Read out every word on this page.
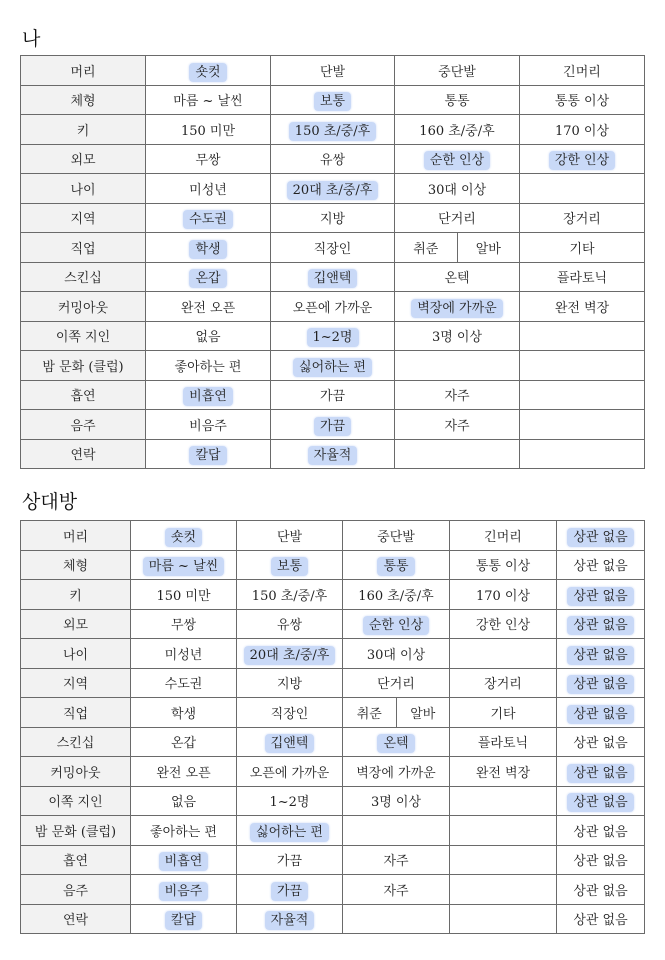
나
머리	숏컷	단발	중단발	긴머리
체형	마름 ~ 날씬	보통	통통	통통 이상
키	150 미만	150 초/중/후	160 초/중/후	170 이상
외모	무쌍	유쌍	순한 인상	강한 인상
나이	미성년	20대 초/중/후	30대 이상	
지역	수도권	지방	단거리	장거리
직업	학생	직장인	취준 알바	기타
스킨십	온갑	깁앤텍	온텍	플라토닉
커밍아웃	완전 오픈	오픈에 가까운	벽장에 가까운	완전 벽장
이쪽 지인	없음	1~2명	3명 이상	
밤 문화 (클럽)	좋아하는 편	싫어하는 편		
흡연	비흡연	가끔	자주	
음주	비음주	가끔	자주	
연락	칼답	자율적		
상대방
머리	숏컷	단발	중단발	긴머리	상관 없음
체형	마름 ~ 날씬	보통	통통	통통 이상	상관 없음
키	150 미만	150 초/중/후	160 초/중/후	170 이상	상관 없음
외모	무쌍	유쌍	순한 인상	강한 인상	상관 없음
나이	미성년	20대 초/중/후	30대 이상		상관 없음
지역	수도권	지방	단거리	장거리	상관 없음
직업	학생	직장인	취준 알바	기타	상관 없음
스킨십	온갑	깁앤텍	온텍	플라토닉	상관 없음
커밍아웃	완전 오픈	오픈에 가까운	벽장에 가까운	완전 벽장	상관 없음
이쪽 지인	없음	1~2명	3명 이상		상관 없음
밤 문화 (클럽)	좋아하는 편	싫어하는 편			상관 없음
흡연	비흡연	가끔	자주		상관 없음
음주	비음주	가끔	자주		상관 없음
연락	칼답	자율적			상관 없음
